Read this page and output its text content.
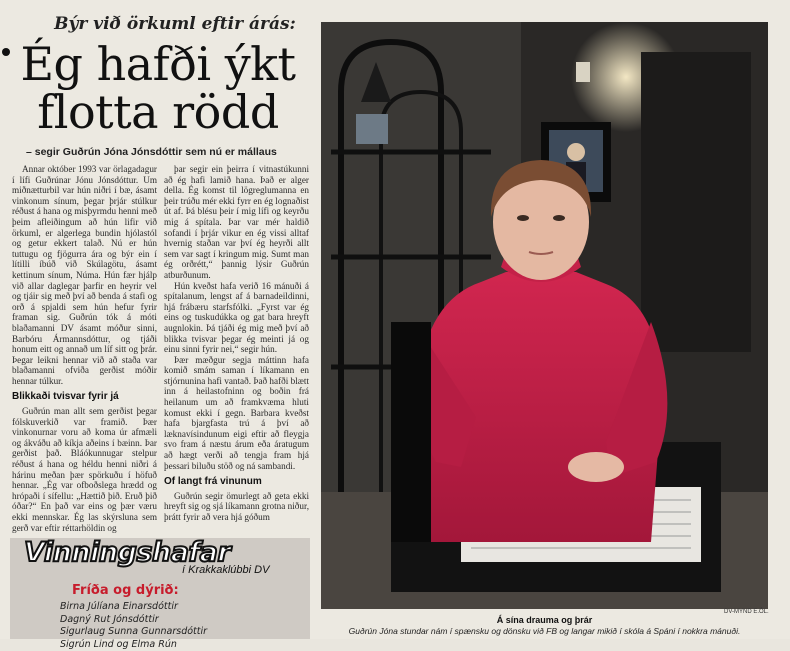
Býr við örkuml eftir árás:
Ég hafði ýkt flotta rödd
– segir Guðrún Jóna Jónsdóttir sem nú er mállaus

Annar október 1993 var örlagadagur í lífi Guðrúnar Jónu Jónsdóttur. Um miðnætturbil var hún niðri í bæ, ásamt vinkonum sínum, þegar þrjár stúlkur réðust á hana og misþyrmdu henni með þeim afleiðingum að hún lifir við örkuml, er algerlega bundin hjólastól og getur ekkert talað. Nú er hún tuttugu og fjögurra ára og býr ein í lítilli íbúð við Skúlagötu, ásamt kettinum sínum, Núma. Hún fær hjálp við allar daglegar þarfir en heyrir vel og tjáir sig með því að benda á stafi og orð á spjaldi sem hún hefur fyrir framan sig. Guðrún tók á móti blaðamanni DV ásamt móður sinni, Barbóru Ármannsdóttur, og tjáði honum eitt og annað um líf sitt og þrár. Þegar leikni hennar við að staða var blaðamanni ofviða gerðist móðir hennar túlkur.

Blikkaði tvisvar fyrir já

Guðrún man allt sem gerðist þegar fólskuverkið var framið. Þær vinkonurnar voru að koma úr afmæli og ákváðu að kíkja aðeins í bæinn. Þar gerðist það. Bláókunnugar stelpur réðust á hana og héldu henni niðri á hárinu meðan þær spörkuðu í höfuð hennar. „Ég var ofboðslega hrædd og hrópaði í sífellu: „Hættið þið. Eruð þið óðar?“ En það var eins og þær væru ekki mennskar. Ég las skýrsluna sem gerð var eftir réttarhöldin og

þar segir ein þeirra í vitnastúkunni að ég hafi lamið hana. Það er alger della. Ég komst til lögreglumanna en þeir trúðu mér ekki fyrr en ég lognaðist út af. Þá blésu þeir í mig lífi og keyrðu mig á spítala. Þar var mér haldið sofandi í þrjár vikur en ég vissi alltaf hvernig staðan var því ég heyrði allt sem var sagt í kringum mig. Sumt man ég orðrétt,“ þannig lýsir Guðrún atburðunum.

Hún kveðst hafa verið 16 mánuði á spítalanum, lengst af á barnadeildinni, hjá frábæru starfsfólki. „Fyrst var ég eins og tuskudúkka og gat bara hreyft augnlokin. Þá tjáði ég mig með því að blikka tvisvar þegar ég meinti já og einu sinni fyrir nei,“ segir hún.

Þær mæðgur segja máttinn hafa komið smám saman í líkamann en stjórnunina hafi vantað. Það hafði blætt inn á heilastofninn og boðin frá heilanum um að framkvæma hluti komust ekki í gegn. Barbara kveðst hafa bjargfasta trú á því að læknavísindunum eigi eftir að fleygja svo fram á næstu árum eða áratugum að hægt verði að tengja fram hjá þessari biluðu stöð og ná sambandi.

Of langt frá vinunum

Guðrún segir ömurlegt að geta ekki hreyft sig og sjá líkamann grotna niður, þrátt fyrir að vera hjá góðum

DV-MYND E.ÓL.
Á sína drauma og þrár
Guðrún Jóna stundar nám í spænsku og dönsku við FB og langar mikið í skóla á Spáni í nokkra mánuði.
Vinningshafar
í Krakkaklúbbi DV
Fríða og dýrið:
Birna Júlíana Einarsdóttir
Dagný Rut Jónsdóttir
Sigurlaug Sunna Gunnarsdóttir
Sigrún Lind og Elma Rún
